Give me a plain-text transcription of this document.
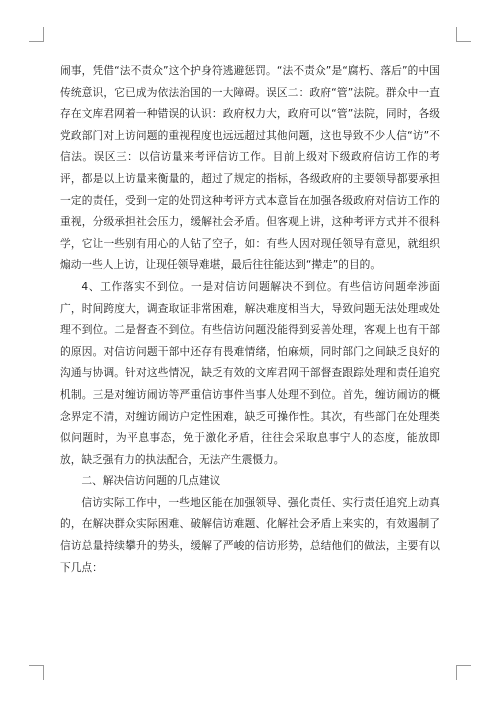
闹事，凭借“法不责众”这个护身符逃避惩罚。“法不责众”是“腐朽、落后”的中国传统意识，它已成为依法治国的一大障碍。误区二：政府“管”法院。群众中一直存在文库君网着一种错误的认识：政府权力大，政府可以“管”法院，同时，各级党政部门对上访问题的重视程度也远远超过其他问题，这也导致不少人信“访”不信法。误区三：以信访量来考评信访工作。目前上级对下级政府信访工作的考评，都是以上访量来衡量的，超过了规定的指标，各级政府的主要领导都要承担一定的责任，受到一定的处罚这种考评方式本意旨在加强各级政府对信访工作的重视，分级承担社会压力，缓解社会矛盾。但客观上讲，这种考评方式并不很科学，它让一些别有用心的人钻了空子，如：有些人因对现任领导有意见，就组织煽动一些人上访，让现任领导难堪，最后往往能达到“撵走”的目的。

4、工作落实不到位。一是对信访问题解决不到位。有些信访问题牵涉面广，时间跨度大，调查取证非常困难，解决难度相当大，导致问题无法处理或处理不到位。二是督查不到位。有些信访问题没能得到妥善处理，客观上也有干部的原因。对信访问题干部中还存有畏难情绪，怕麻烦，同时部门之间缺乏良好的沟通与协调。针对这些情况，缺乏有效的文库君网干部督查跟踪处理和责任追究机制。三是对缠访闹访等严重信访事件当事人处理不到位。首先，缠访闹访的概念界定不清，对缠访闹访户定性困难，缺乏可操作性。其次，有些部门在处理类似问题时，为平息事态，免于激化矛盾，往往会采取息事宁人的态度，能放即放，缺乏强有力的执法配合，无法产生震慑力。

二、解决信访问题的几点建议

信访实际工作中，一些地区能在加强领导、强化责任、实行责任追究上动真的，在解决群众实际困难、破解信访难题、化解社会矛盾上来实的，有效遏制了信访总量持续攀升的势头，缓解了严峻的信访形势，总结他们的做法，主要有以下几点：
